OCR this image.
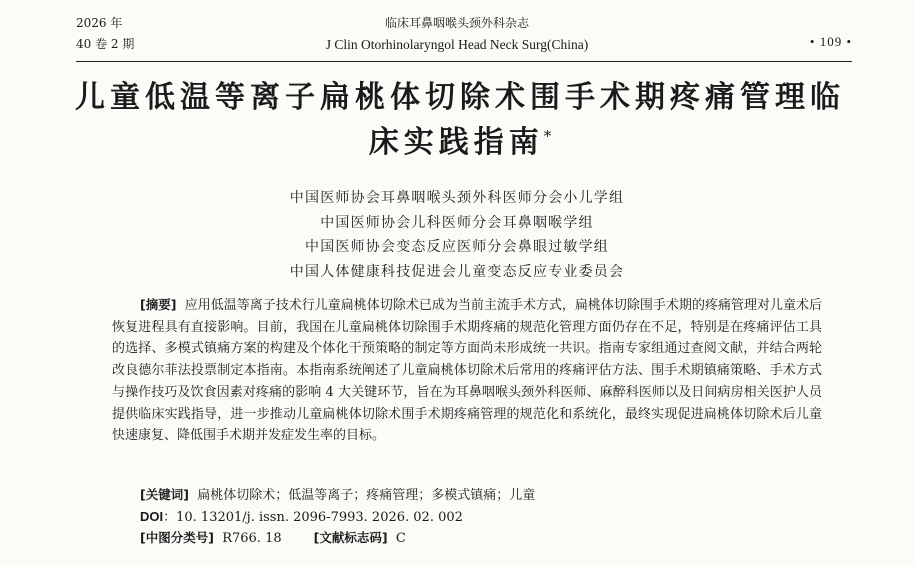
2026 年
40 卷 2 期
临床耳鼻咽喉头颈外科杂志
J Clin Otorhinolaryngol Head Neck Surg(China)	• 109 •
儿童低温等离子扁桃体切除术围手术期疼痛管理临
床实践指南*
中国医师协会耳鼻咽喉头颈外科医师分会小儿学组
中国医师协会儿科医师分会耳鼻咽喉学组
中国医师协会变态反应医师分会鼻眼过敏学组
中国人体健康科技促进会儿童变态反应专业委员会
[摘要] 应用低温等离子技术行儿童扁桃体切除术已成为当前主流手术方式，扁桃体切除围手术期的疼痛管理对儿童术后恢复进程具有直接影响。目前，我国在儿童扁桃体切除围手术期疼痛的规范化管理方面仍存在不足，特别是在疼痛评估工具的选择、多模式镇痛方案的构建及个体化干预策略的制定等方面尚未形成统一共识。指南专家组通过查阅文献，并结合两轮改良德尔菲法投票制定本指南。本指南系统阐述了儿童扁桃体切除术后常用的疼痛评估方法、围手术期镇痛策略、手术方式与操作技巧及饮食因素对疼痛的影响 4 大关键环节，旨在为耳鼻咽喉头颈外科医师、麻醉科医师以及日间病房相关医护人员提供临床实践指导，进一步推动儿童扁桃体切除术围手术期疼痛管理的规范化和系统化，最终实现促进扁桃体切除术后儿童快速康复、降低围手术期并发症发生率的目标。
[关键词] 扁桃体切除术；低温等离子；疼痛管理；多模式镇痛；儿童
DOI：10. 13201/j. issn. 2096-7993. 2026. 02. 002
[中图分类号] R766. 18	[文献标志码] C
